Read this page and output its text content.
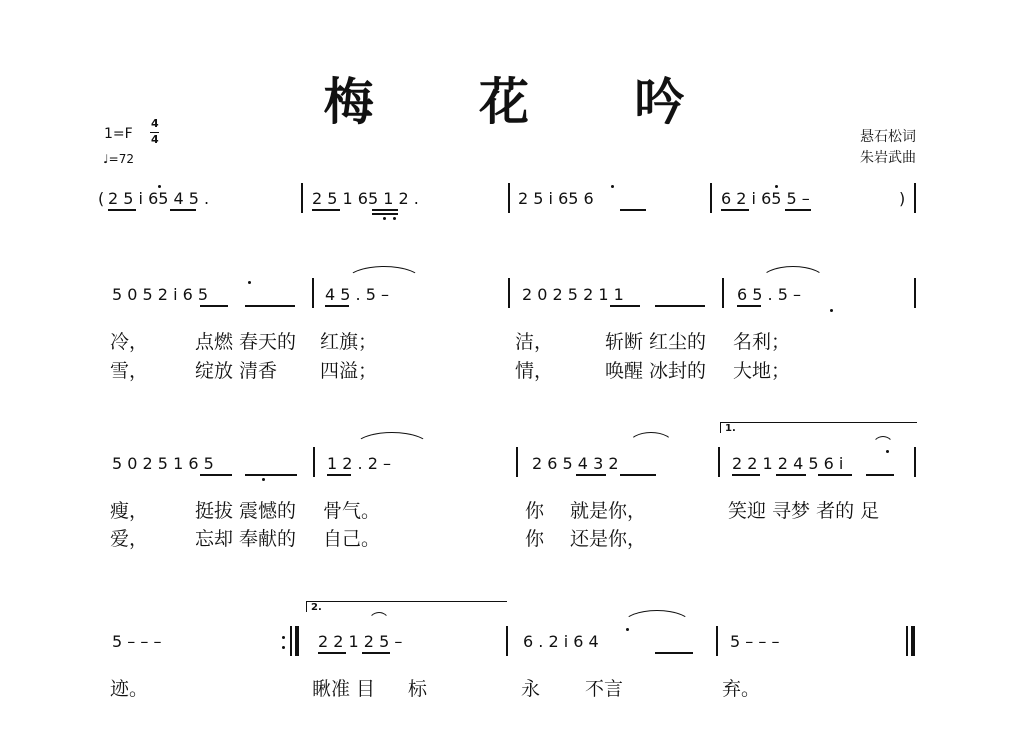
梅 花 吟
1=F
4
4
♩=72
悬石松词
朱岩武曲
( 2 5 i 65 4 5 .	2 5 1 65 1 2 .	2 5 i 65 6	6 2 i 65 5 –	)
5 0 5 2 i 6 5	4 5 . 5 –	2 0 2 5 2 1 1	6 5 . 5 –
冷， 点燃 春天的 红旗；	洁，	斩断 红尘的 名利；
雪， 绽放 清香 四溢；	情，	唤醒 冰封的 大地；
1.
5 0 2 5 1 6 5	1 2 . 2 –	2 6 5 4 3 2	2 2 1 2 4 5 6 i
瘦， 挺拔 震憾的 骨气。	你 就是你，	笑迎 寻梦 者的 足
爱， 忘却 奉献的 自己。	你 还是你，
2.
5 – – –	2 2 1 2 5 –	6 . 2 i 6 4	5 – – –
迹。	瞅准 目 标	永 不言	弃。
